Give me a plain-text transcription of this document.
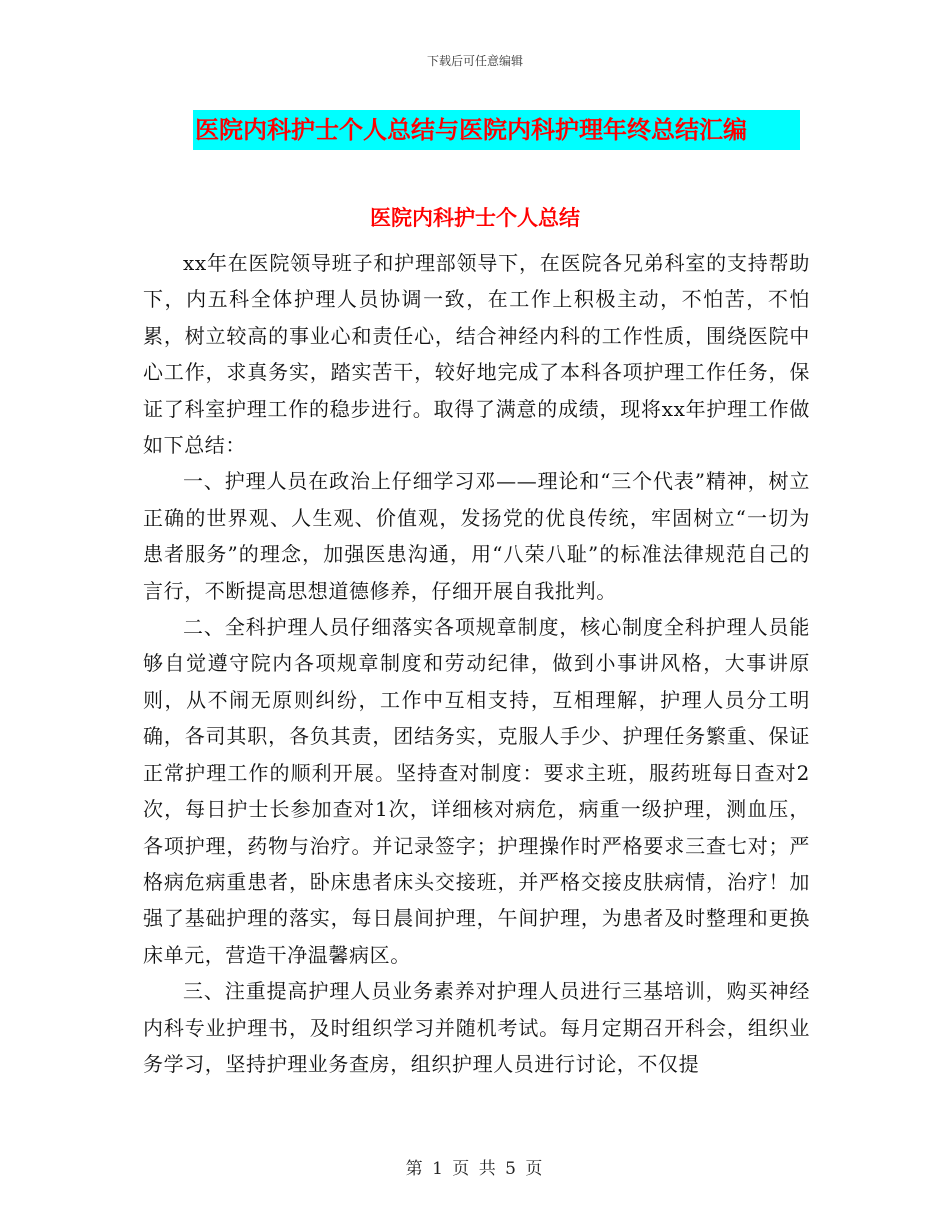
下载后可任意编辑
医院内科护士个人总结与医院内科护理年终总结汇编
医院内科护士个人总结

xx年在医院领导班子和护理部领导下，在医院各兄弟科室的支持帮助下，内五科全体护理人员协调一致，在工作上积极主动，不怕苦，不怕累，树立较高的事业心和责任心，结合神经内科的工作性质，围绕医院中心工作，求真务实，踏实苦干，较好地完成了本科各项护理工作任务，保证了科室护理工作的稳步进行。取得了满意的成绩，现将xx年护理工作做如下总结：

一、护理人员在政治上仔细学习邓——理论和“三个代表”精神，树立正确的世界观、人生观、价值观，发扬党的优良传统，牢固树立“一切为患者服务”的理念，加强医患沟通，用“八荣八耻”的标准法律规范自己的言行，不断提高思想道德修养，仔细开展自我批判。

二、全科护理人员仔细落实各项规章制度，核心制度全科护理人员能够自觉遵守院内各项规章制度和劳动纪律，做到小事讲风格，大事讲原则，从不闹无原则纠纷，工作中互相支持，互相理解，护理人员分工明确，各司其职，各负其责，团结务实，克服人手少、护理任务繁重、保证正常护理工作的顺利开展。坚持查对制度：要求主班，服药班每日查对2次，每日护士长参加查对1次，详细核对病危，病重一级护理，测血压，各项护理，药物与治疗。并记录签字；护理操作时严格要求三查七对；严格病危病重患者，卧床患者床头交接班，并严格交接皮肤病情，治疗！加强了基础护理的落实，每日晨间护理，午间护理，为患者及时整理和更换床单元，营造干净温馨病区。

三、注重提高护理人员业务素养对护理人员进行三基培训，购买神经内科专业护理书，及时组织学习并随机考试。每月定期召开科会，组织业务学习，坚持护理业务查房，组织护理人员进行讨论，不仅提

第 1 页 共 5 页
